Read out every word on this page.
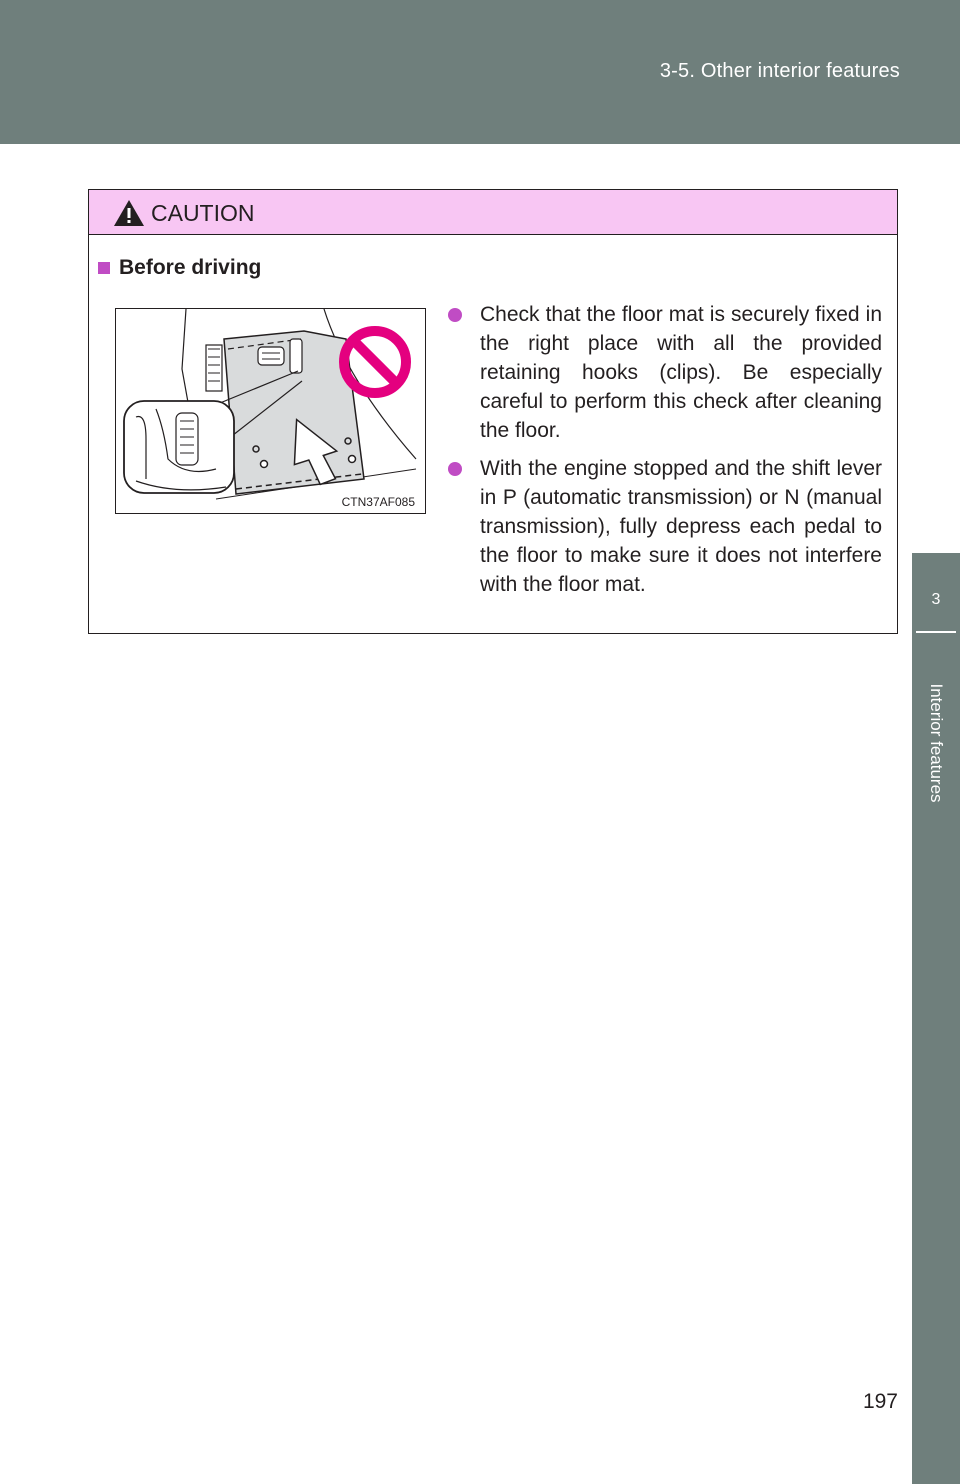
3-5. Other interior features
3
Interior features
CAUTION
Before driving
CTN37AF085
Check that the floor mat is securely fixed in the right place with all the provided retaining hooks (clips). Be especially careful to perform this check after cleaning the floor.
With the engine stopped and the shift lever in P (automatic transmission) or N (manual transmission), fully depress each pedal to the floor to make sure it does not interfere with the floor mat.
197
